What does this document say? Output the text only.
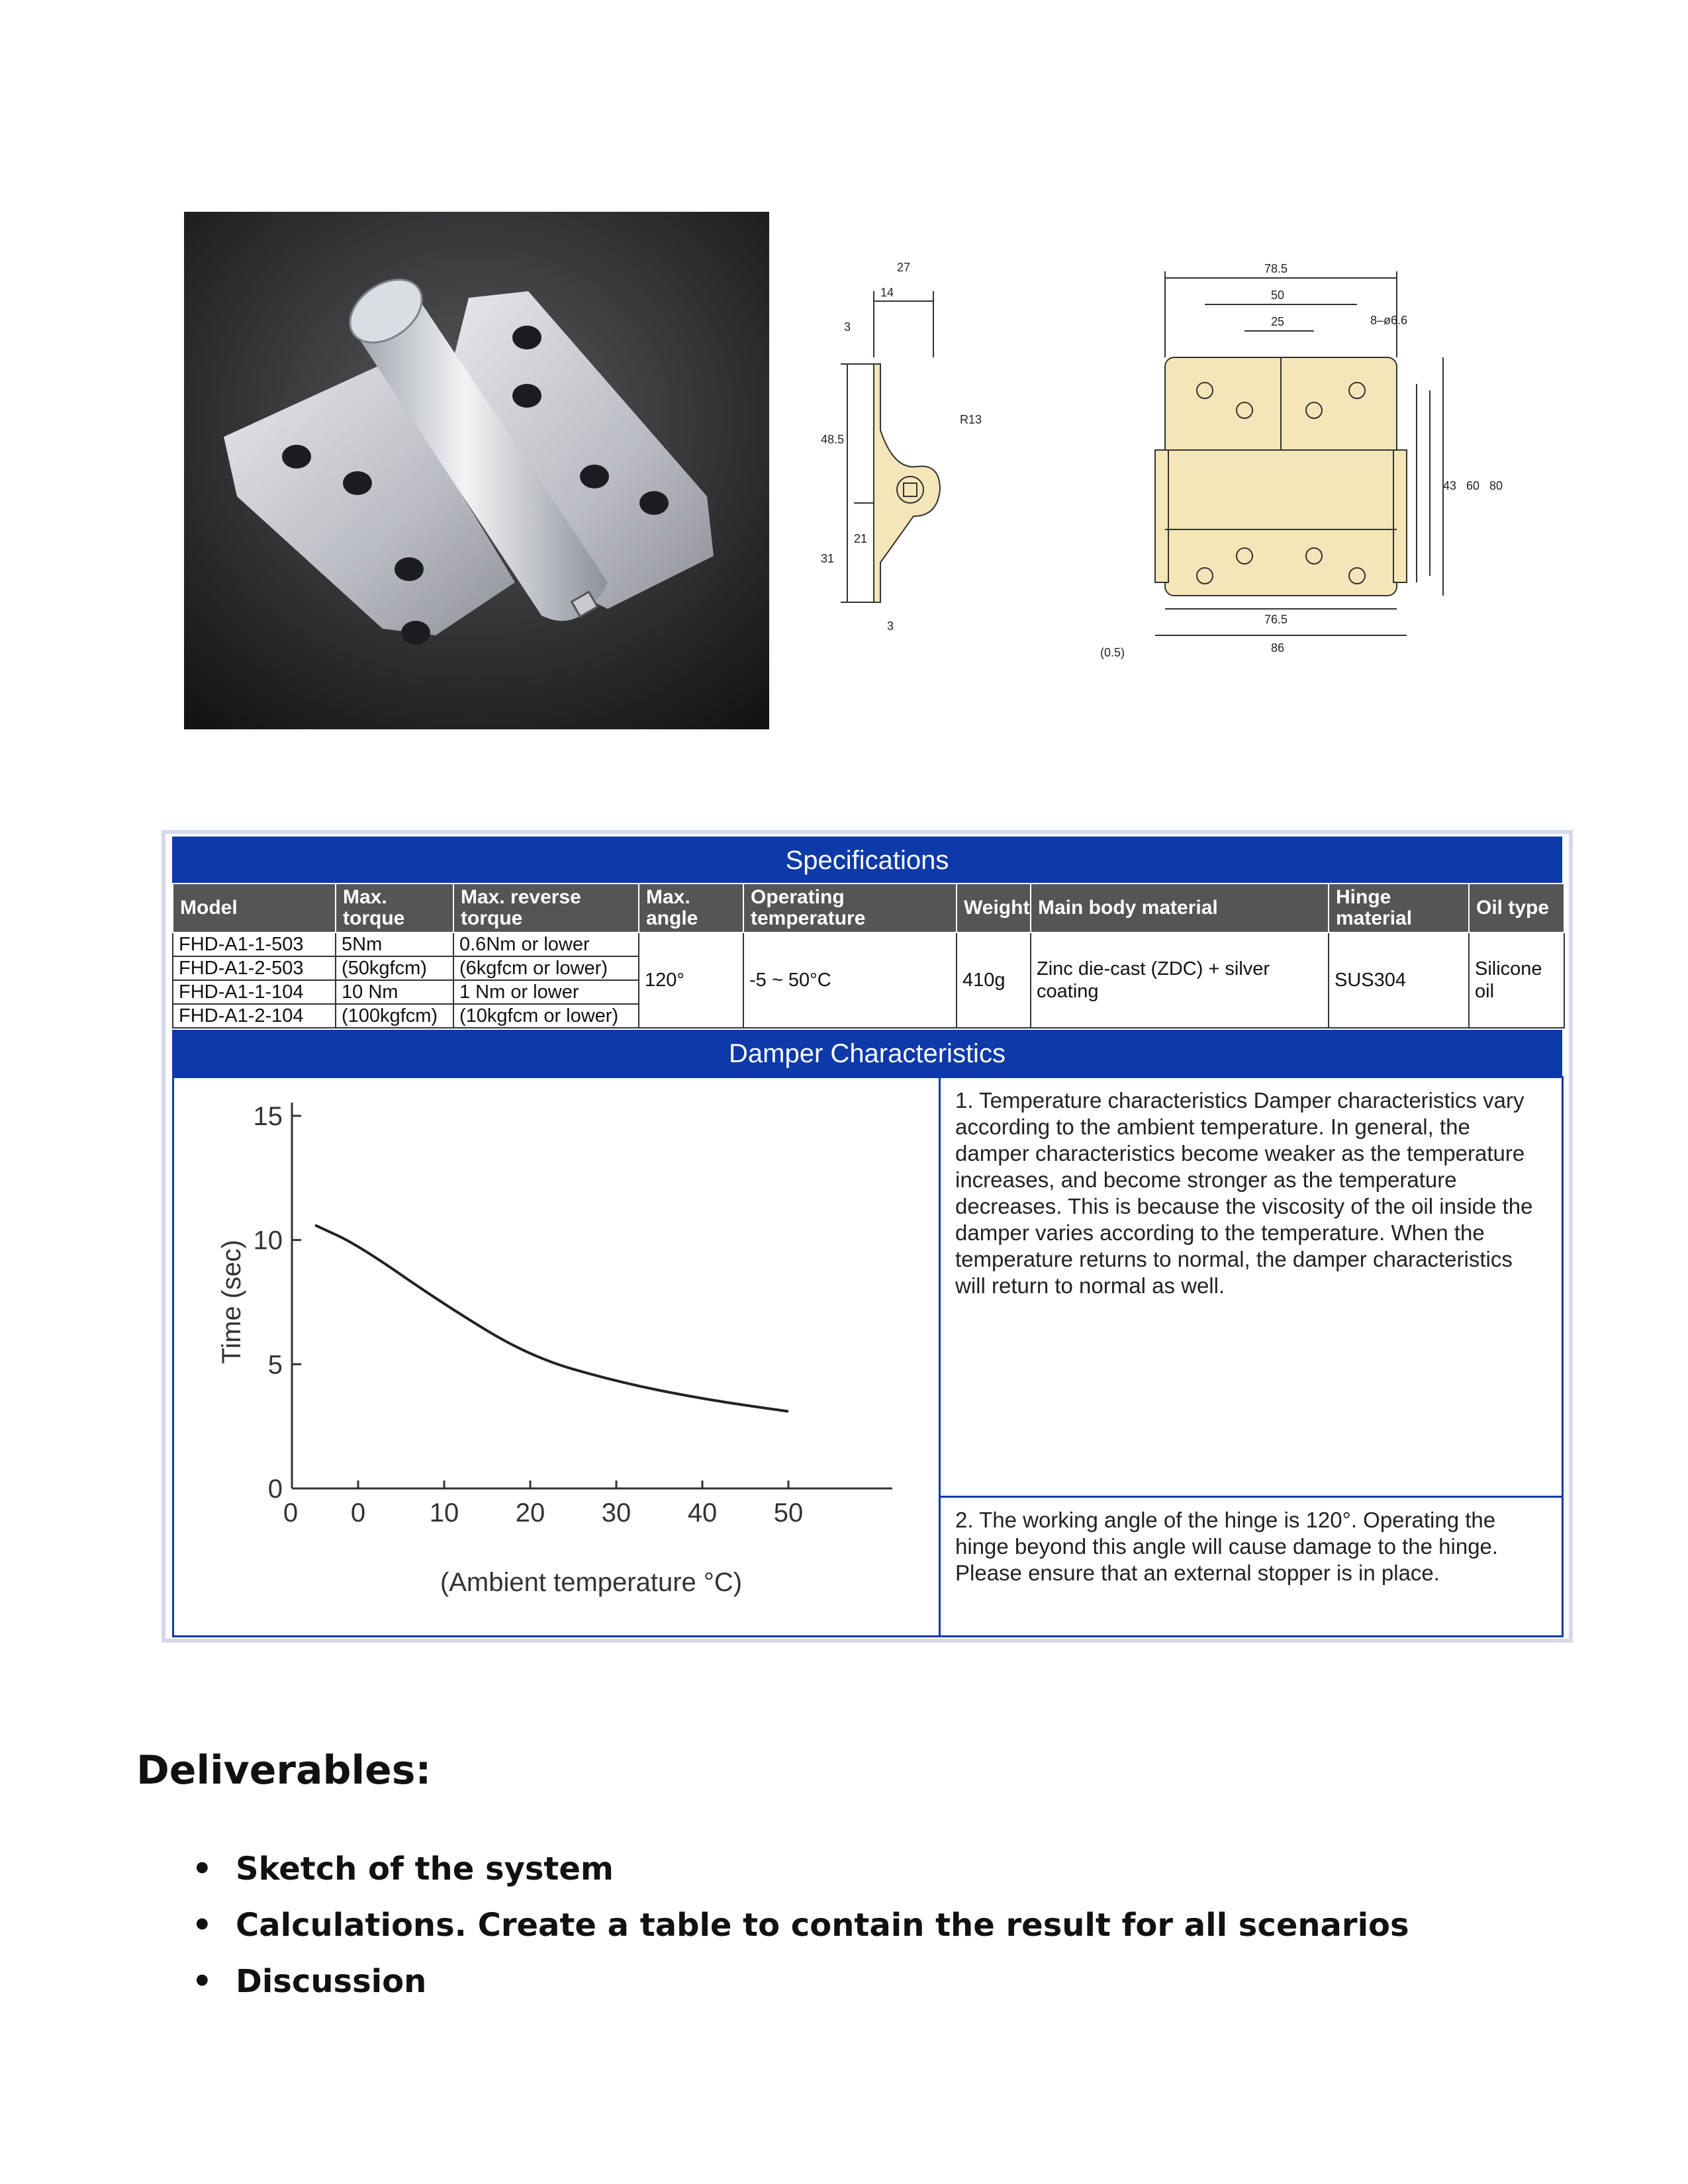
27
14
3
R13
48.5
31
21
3
78.5
50
25	8–ø6.6
43 60 80
76.5
86
(0.5)
Specifications
Model	Max. torque	Max. reverse torque	Max. angle	Operating temperature	Weight	Main body material	Hinge material	Oil type
FHD-A1-1-503	5Nm	0.6Nm or lower	120°	-5 ~ 50°C	410g	Zinc die-cast (ZDC) + silver coating	SUS304	Silicone oil
FHD-A1-2-503	(50kgfcm)	(6kgfcm or lower)						
FHD-A1-1-104	10 Nm	1 Nm or lower						
FHD-A1-2-104	(100kgfcm)	(10kgfcm or lower)						
Damper Characteristics
0
5
10
15
0 0 10 20 30 40 50
(Ambient temperature °C)
Time (sec)
1. Temperature characteristics Damper characteristics vary according to the ambient temperature. In general, the damper characteristics become weaker as the temperature increases, and become stronger as the temperature decreases. This is because the viscosity of the oil inside the damper varies according to the temperature. When the temperature returns to normal, the damper characteristics will return to normal as well.
2. The working angle of the hinge is 120°. Operating the hinge beyond this angle will cause damage to the hinge. Please ensure that an external stopper is in place.
Deliverables:
• Sketch of the system
• Calculations. Create a table to contain the result for all scenarios
• Discussion
